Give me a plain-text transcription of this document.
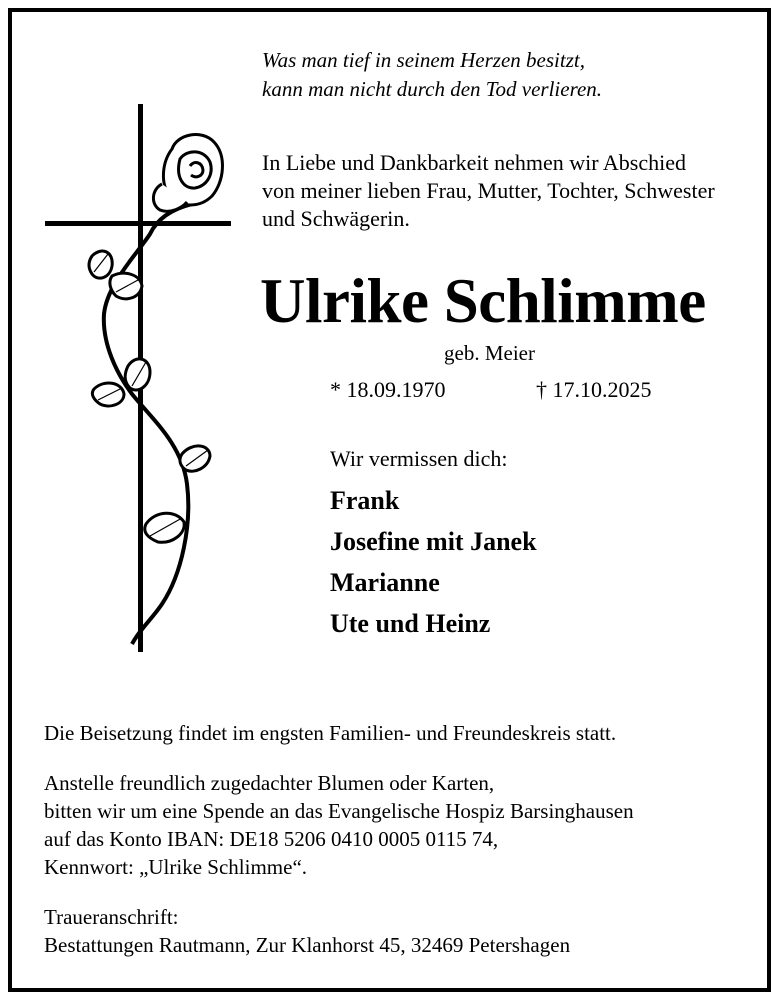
Was man tief in seinem Herzen besitzt,
kann man nicht durch den Tod verlieren.
In Liebe und Dankbarkeit nehmen wir Abschied
von meiner lieben Frau, Mutter, Tochter, Schwester
und Schwägerin.
Ulrike Schlimme
geb. Meier
* 18.09.1970	† 17.10.2025
Wir vermissen dich:
Frank
Josefine mit Janek
Marianne
Ute und Heinz

Die Beisetzung findet im engsten Familien- und Freundeskreis statt.

Anstelle freundlich zugedachter Blumen oder Karten,

bitten wir um eine Spende an das Evangelische Hospiz Barsinghausen

auf das Konto IBAN: DE18 5206 0410 0005 0115 74,

Kennwort: „Ulrike Schlimme“.

Traueranschrift:

Bestattungen Rautmann, Zur Klanhorst 45, 32469 Petershagen
